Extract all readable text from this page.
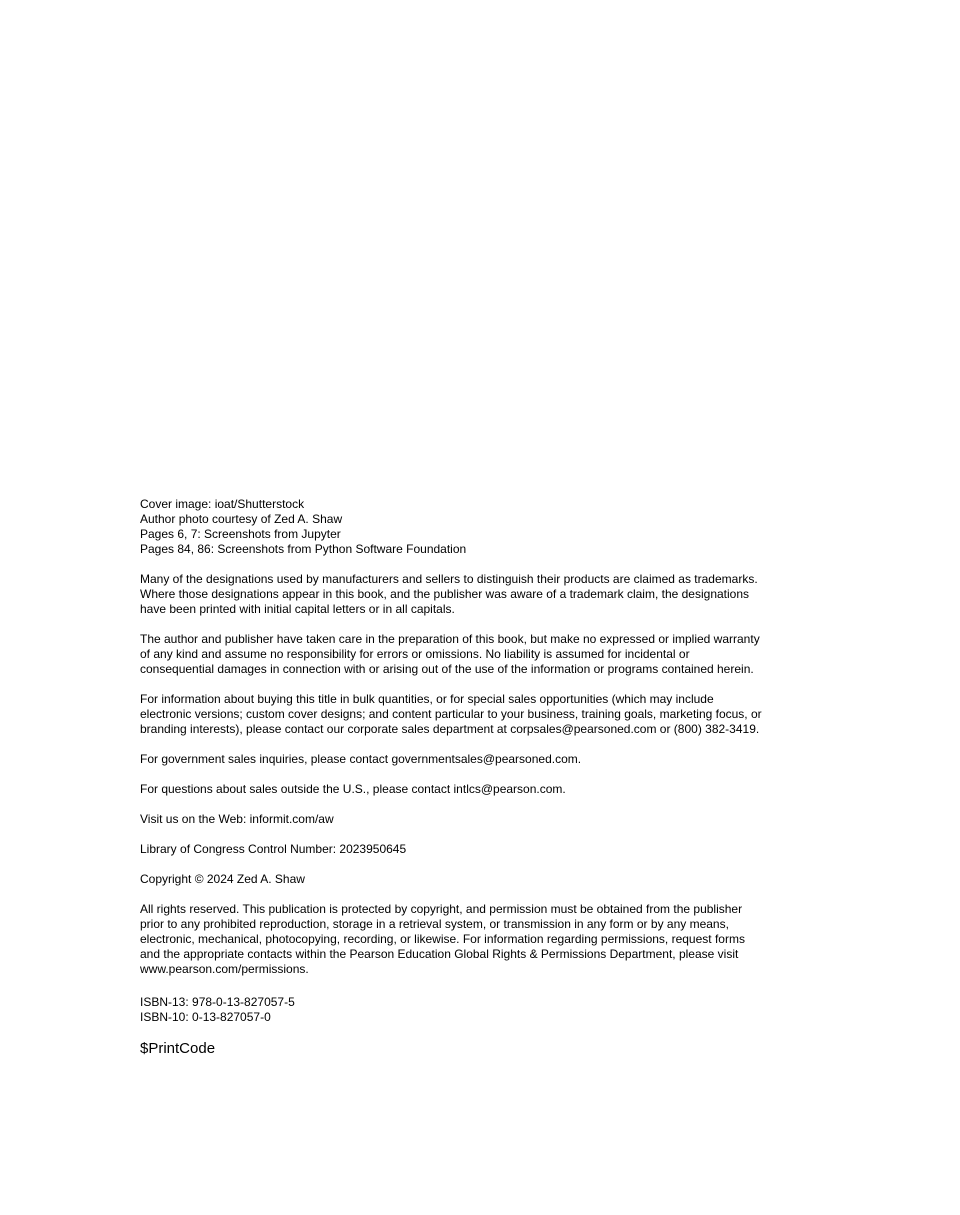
Cover image: ioat/Shutterstock
Author photo courtesy of Zed A. Shaw
Pages 6, 7: Screenshots from Jupyter
Pages 84, 86: Screenshots from Python Software Foundation
Many of the designations used by manufacturers and sellers to distinguish their products are claimed as trademarks.
Where those designations appear in this book, and the publisher was aware of a trademark claim, the designations
have been printed with initial capital letters or in all capitals.
The author and publisher have taken care in the preparation of this book, but make no expressed or implied warranty
of any kind and assume no responsibility for errors or omissions. No liability is assumed for incidental or
consequential damages in connection with or arising out of the use of the information or programs contained herein.
For information about buying this title in bulk quantities, or for special sales opportunities (which may include
electronic versions; custom cover designs; and content particular to your business, training goals, marketing focus, or
branding interests), please contact our corporate sales department at corpsales@pearsoned.com or (800) 382-3419.
For government sales inquiries, please contact governmentsales@pearsoned.com.
For questions about sales outside the U.S., please contact intlcs@pearson.com.
Visit us on the Web: informit.com/aw
Library of Congress Control Number: 2023950645
Copyright © 2024 Zed A. Shaw
All rights reserved. This publication is protected by copyright, and permission must be obtained from the publisher
prior to any prohibited reproduction, storage in a retrieval system, or transmission in any form or by any means,
electronic, mechanical, photocopying, recording, or likewise. For information regarding permissions, request forms
and the appropriate contacts within the Pearson Education Global Rights & Permissions Department, please visit
www.pearson.com/permissions.
ISBN-13: 978-0-13-827057-5
ISBN-10: 0-13-827057-0
$PrintCode
